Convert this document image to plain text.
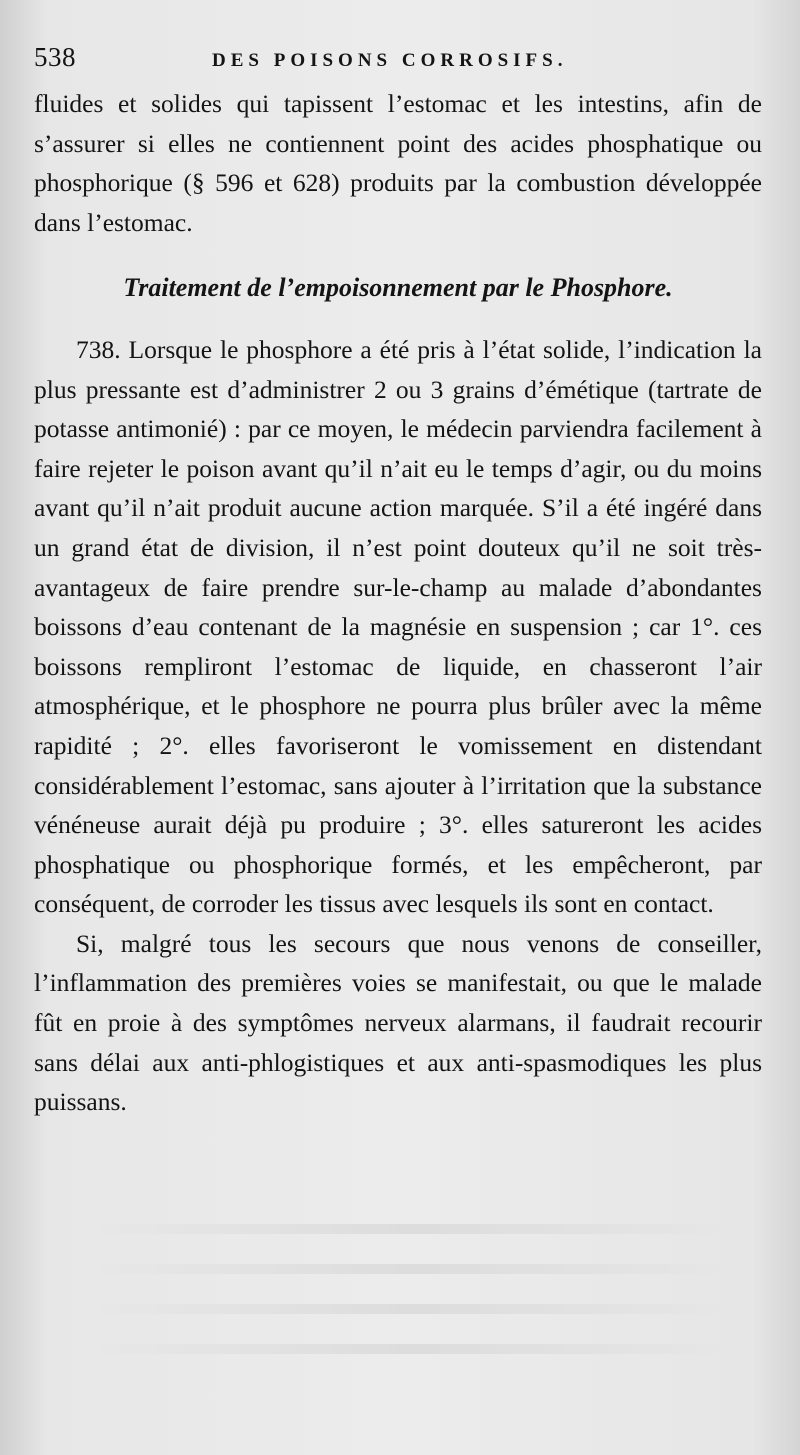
538	DES POISONS CORROSIFS.

fluides et solides qui tapissent l’estomac et les intestins, afin de s’assurer si elles ne contiennent point des acides phosphatique ou phosphorique (§ 596 et 628) produits par la combustion développée dans l’estomac.

Traitement de l’empoisonnement par le Phosphore.

738. Lorsque le phosphore a été pris à l’état solide, l’indication la plus pressante est d’administrer 2 ou 3 grains d’émétique (tartrate de potasse antimonié) : par ce moyen, le médecin parviendra facilement à faire rejeter le poison avant qu’il n’ait eu le temps d’agir, ou du moins avant qu’il n’ait produit aucune action marquée. S’il a été ingéré dans un grand état de division, il n’est point douteux qu’il ne soit très-avantageux de faire prendre sur-le-champ au malade d’abondantes boissons d’eau contenant de la magnésie en suspension ; car 1°. ces boissons rempliront l’estomac de liquide, en chasseront l’air atmosphérique, et le phosphore ne pourra plus brûler avec la même rapidité ; 2°. elles favoriseront le vomissement en distendant considérablement l’estomac, sans ajouter à l’irritation que la substance vénéneuse aurait déjà pu produire ; 3°. elles satureront les acides phosphatique ou phosphorique formés, et les empêcheront, par conséquent, de corroder les tissus avec lesquels ils sont en contact.

Si, malgré tous les secours que nous venons de conseiller, l’inflammation des premières voies se manifestait, ou que le malade fût en proie à des symptômes nerveux alarmans, il faudrait recourir sans délai aux anti-phlogistiques et aux anti-spasmodiques les plus puissans.
